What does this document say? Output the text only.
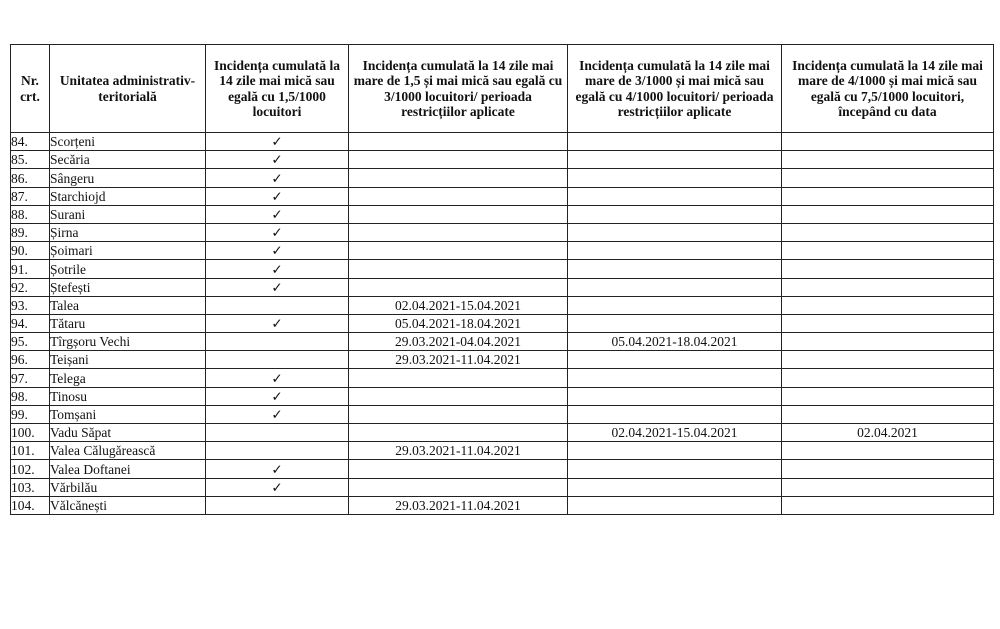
Nr. crt.	Unitatea administrativ-teritorială	Incidența cumulată la 14 zile mai mică sau egală cu 1,5/1000 locuitori	Incidența cumulată la 14 zile mai mare de 1,5 și mai mică sau egală cu 3/1000 locuitori/ perioada restricțiilor aplicate	Incidența cumulată la 14 zile mai mare de 3/1000 și mai mică sau egală cu 4/1000 locuitori/ perioada restricțiilor aplicate	Incidența cumulată la 14 zile mai mare de 4/1000 și mai mică sau egală cu 7,5/1000 locuitori, începând cu data
84.	Scorțeni	✓			
85.	Secăria	✓			
86.	Sângeru	✓			
87.	Starchiojd	✓			
88.	Surani	✓			
89.	Șirna	✓			
90.	Șoimari	✓			
91.	Șotrile	✓			
92.	Ștefești	✓			
93.	Talea		02.04.2021-15.04.2021		
94.	Tătaru	✓	05.04.2021-18.04.2021		
95.	Tîrgșoru Vechi		29.03.2021-04.04.2021	05.04.2021-18.04.2021	
96.	Teișani		29.03.2021-11.04.2021		
97.	Telega	✓			
98.	Tinosu	✓			
99.	Tomșani	✓			
100.	Vadu Săpat			02.04.2021-15.04.2021	02.04.2021
101.	Valea Călugărească		29.03.2021-11.04.2021		
102.	Valea Doftanei	✓			
103.	Vărbilău	✓			
104.	Vălcănești		29.03.2021-11.04.2021		
